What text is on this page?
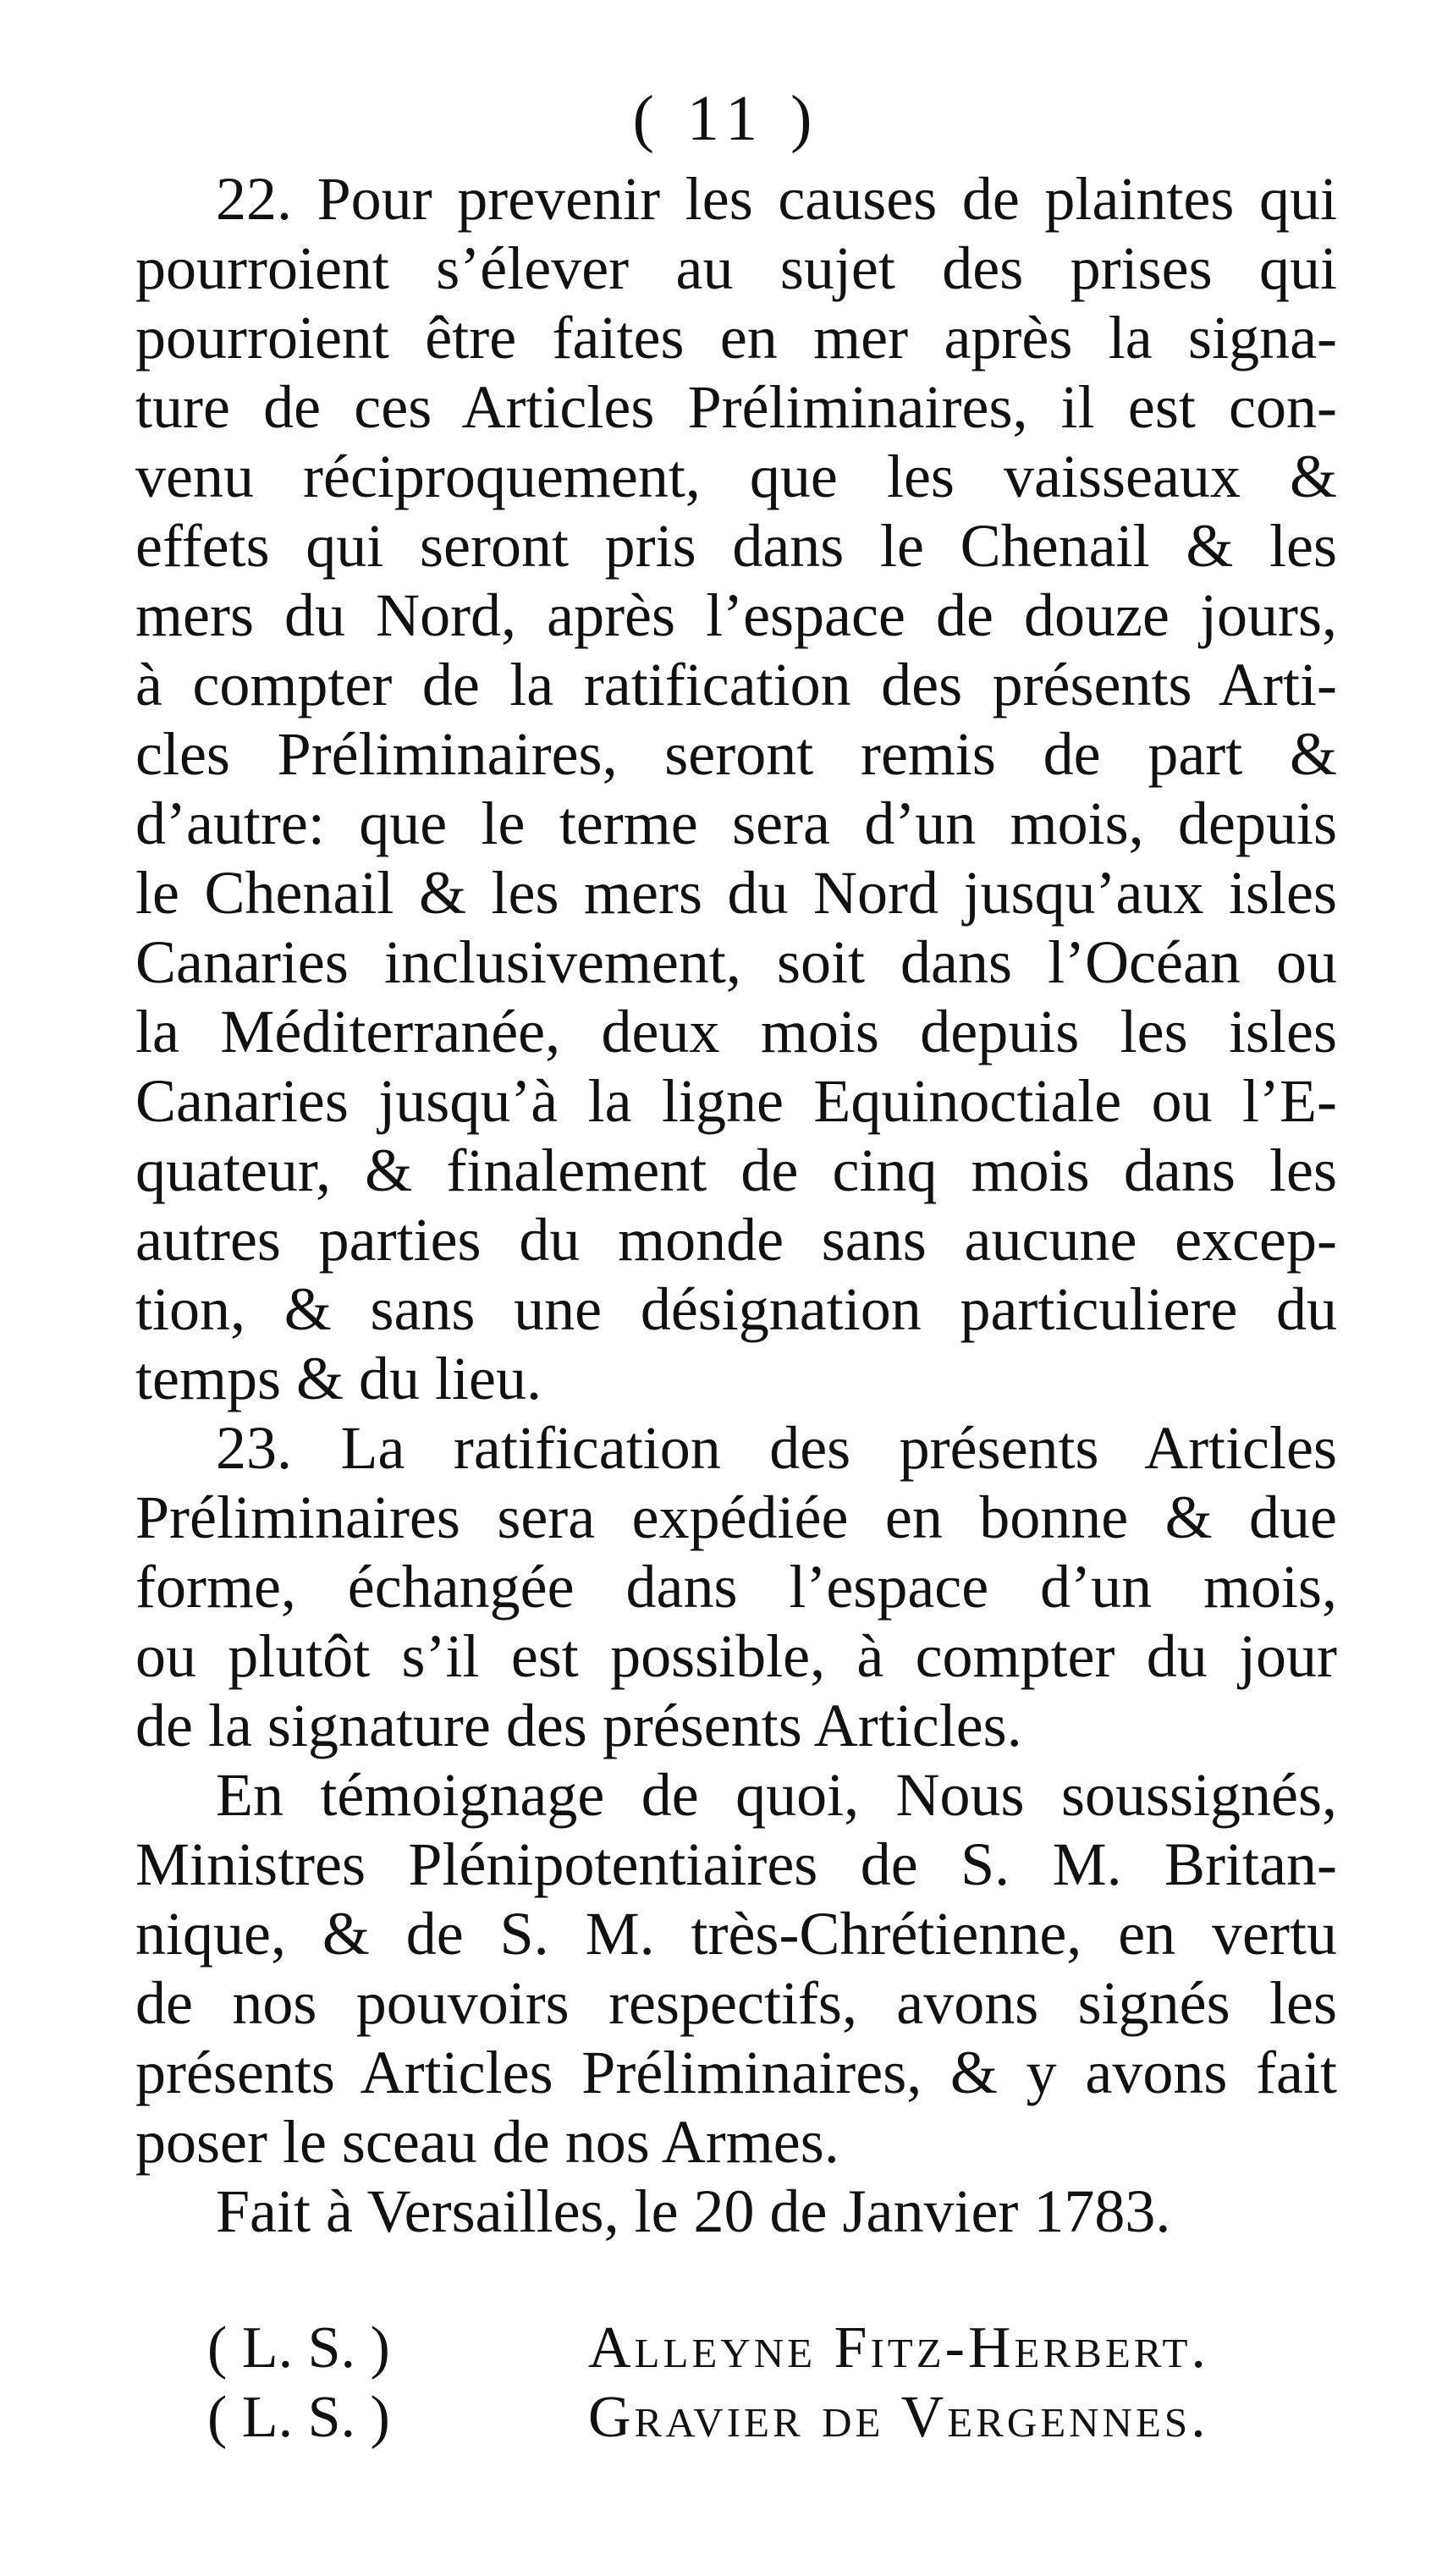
( 11 )
22. Pour prevenir les causes de plaintes qui
pourroient s’élever au sujet des prises qui
pourroient être faites en mer après la signa-
ture de ces Articles Préliminaires, il est con-
venu réciproquement, que les vaisseaux &
effets qui seront pris dans le Chenail & les
mers du Nord, après l’espace de douze jours,
à compter de la ratification des présents Arti-
cles Préliminaires, seront remis de part &
d’autre: que le terme sera d’un mois, depuis
le Chenail & les mers du Nord jusqu’aux isles
Canaries inclusivement, soit dans l’Océan ou
la Méditerranée, deux mois depuis les isles
Canaries jusqu’à la ligne Equinoctiale ou l’E-
quateur, & finalement de cinq mois dans les
autres parties du monde sans aucune excep-
tion, & sans une désignation particuliere du
temps & du lieu.
23. La ratification des présents Articles
Préliminaires sera expédiée en bonne & due
forme, échangée dans l’espace d’un mois,
ou plutôt s’il est possible, à compter du jour
de la signature des présents Articles.
En témoignage de quoi, Nous soussignés,
Ministres Plénipotentiaires de S. M. Britan-
nique, & de S. M. très-Chrétienne, en vertu
de nos pouvoirs respectifs, avons signés les
présents Articles Préliminaires, & y avons fait
poser le sceau de nos Armes.
Fait à Versailles, le 20 de Janvier 1783.
( L. S. )	Alleyne Fitz-Herbert.
( L. S. )	Gravier de Vergennes.
